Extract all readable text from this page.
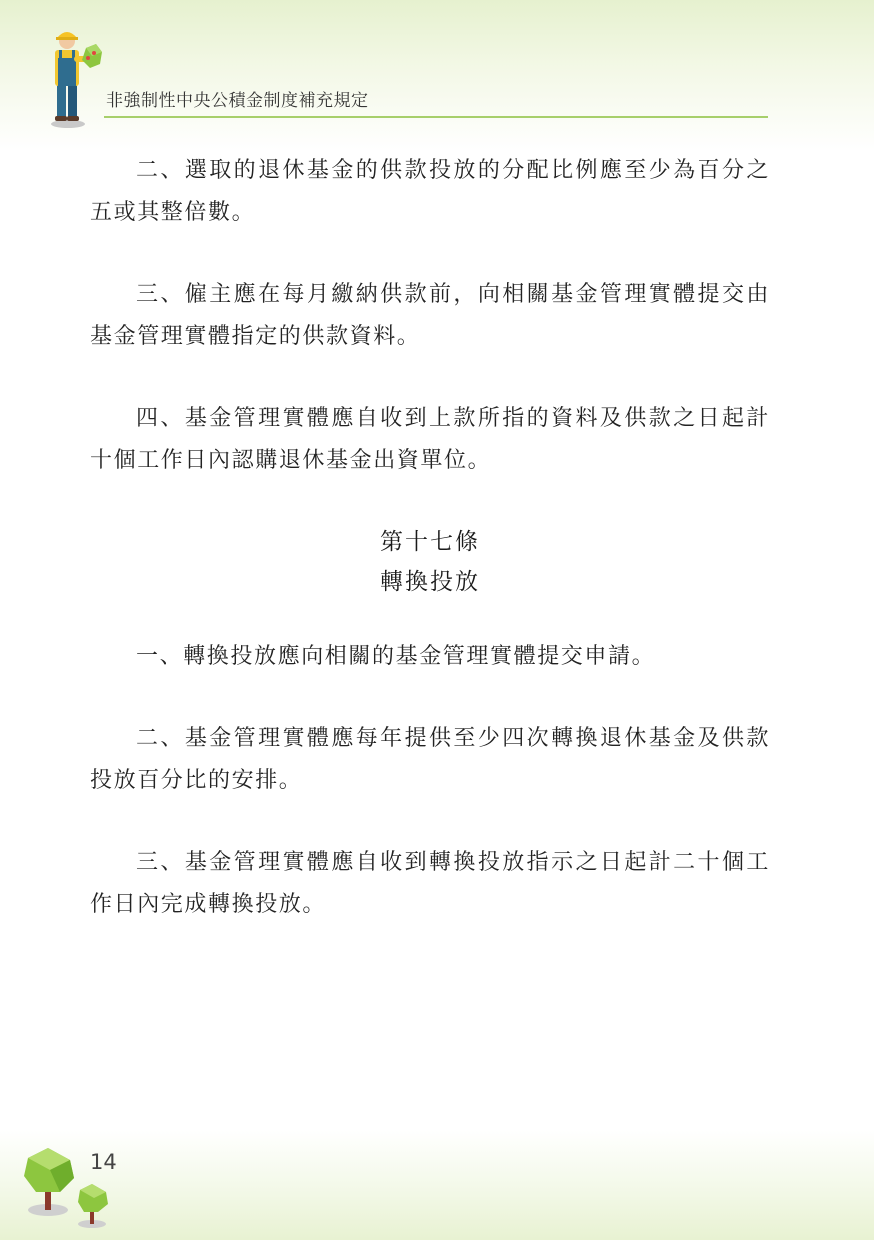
非強制性中央公積金制度補充規定

二、選取的退休基金的供款投放的分配比例應至少為百分之五或其整倍數。

三、僱主應在每月繳納供款前，向相關基金管理實體提交由基金管理實體指定的供款資料。

四、基金管理實體應自收到上款所指的資料及供款之日起計十個工作日內認購退休基金出資單位。

第十七條
轉換投放

一、轉換投放應向相關的基金管理實體提交申請。

二、基金管理實體應每年提供至少四次轉換退休基金及供款投放百分比的安排。

三、基金管理實體應自收到轉換投放指示之日起計二十個工作日內完成轉換投放。

14
